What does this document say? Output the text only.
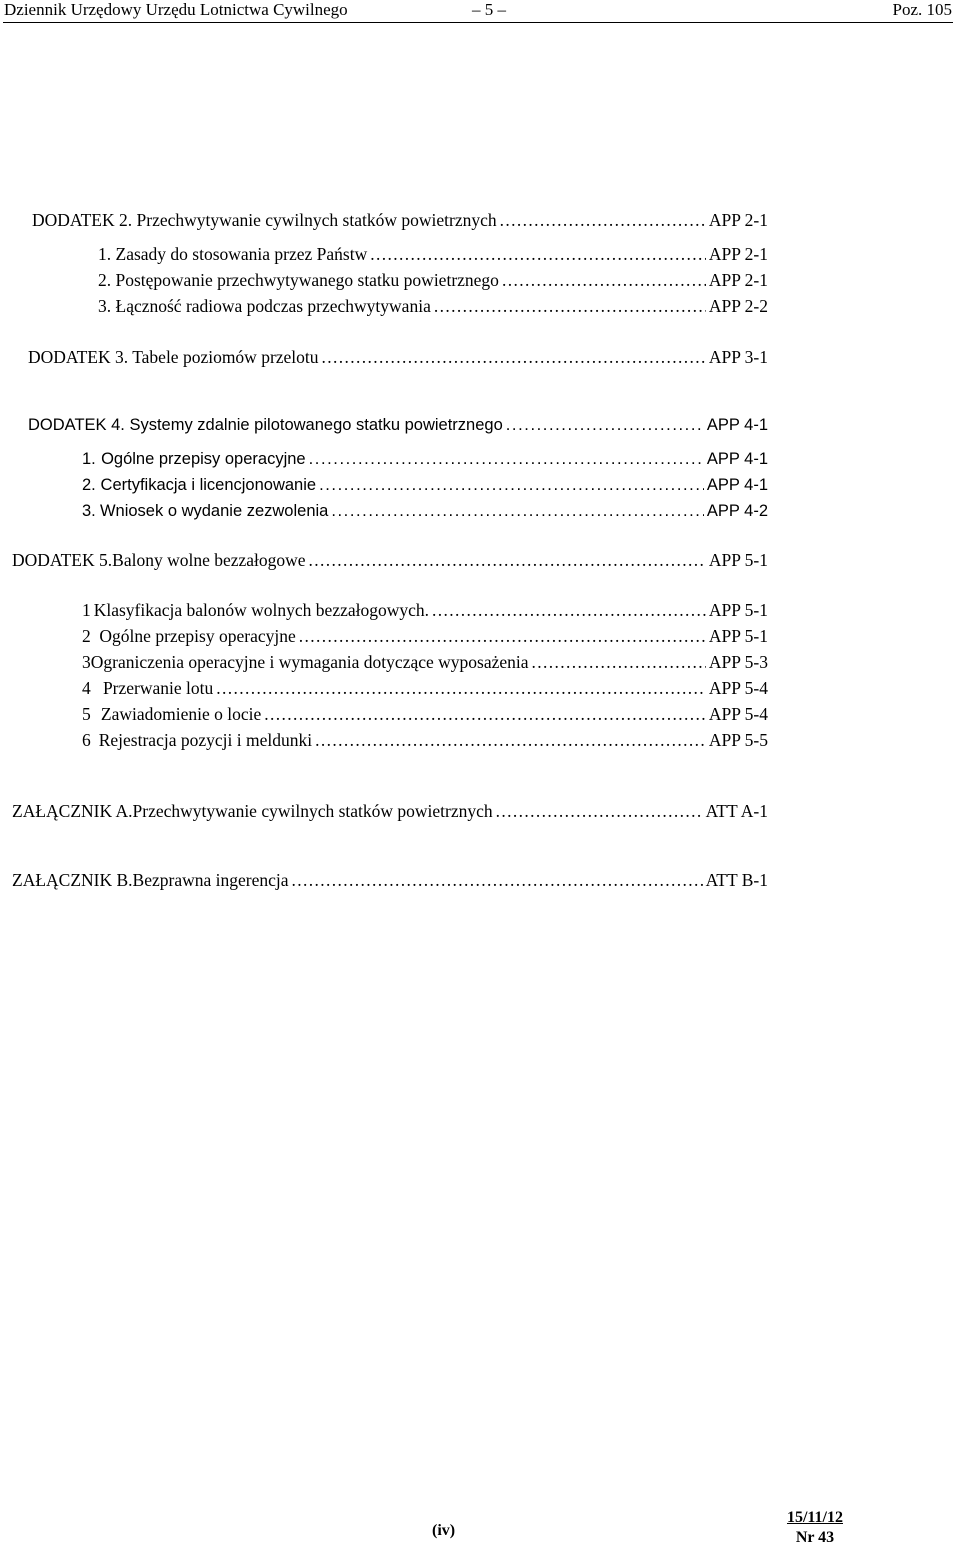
Dziennik Urzędowy Urzędu Lotnictwa Cywilnego	– 5 –	Poz. 105
DODATEK 2. Przechwytywanie cywilnych statków powietrznych . . .	APP 2-1
1. Zasady do stosowania przez Państw . . .	APP 2-1
2. Postępowanie przechwytywanego statku powietrznego . . .	APP 2-1
3. Łączność radiowa podczas przechwytywania . . .	APP 2-2
DODATEK 3. Tabele poziomów przelotu . . .	APP 3-1
DODATEK 4. Systemy zdalnie pilotowanego statku powietrznego . . .	APP 4-1
1. Ogólne przepisy operacyjne . . .	APP 4-1
2. Certyfikacja i licencjonowanie . . .	APP 4-1
3. Wniosek o wydanie zezwolenia . . .	APP 4-2
DODATEK 5. Balony wolne bezzałogowe . . .	APP 5-1
1 Klasyfikacja balonów wolnych bezzałogowych. . . .	APP 5-1
2 Ogólne przepisy operacyjne . . .	APP 5-1
3 Ograniczenia operacyjne i wymagania dotyczące wyposażenia . . .	APP 5-3
4 Przerwanie lotu . . .	APP 5-4
5 Zawiadomienie o locie . . .	APP 5-4
6 Rejestracja pozycji i meldunki . . .	APP 5-5
ZAŁĄCZNIK A. Przechwytywanie cywilnych statków powietrznych . . .	ATT A-1
ZAŁĄCZNIK B. Bezprawna ingerencja . . .	ATT B-1
(iv)
15/11/12
Nr 43
